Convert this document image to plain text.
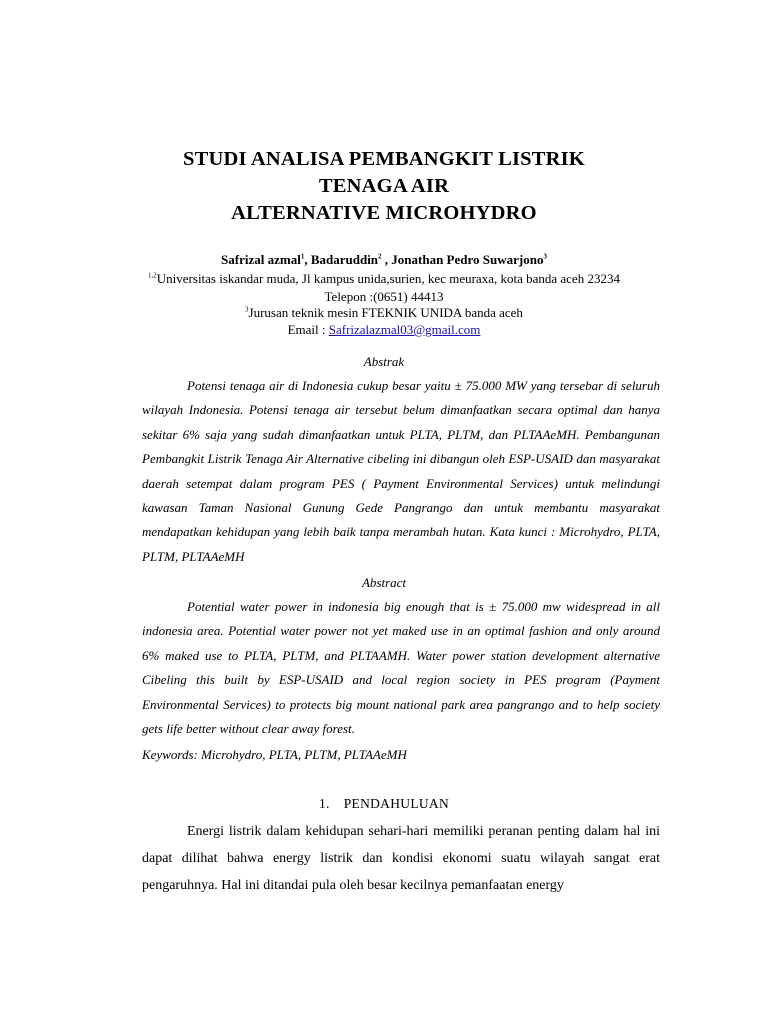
STUDI ANALISA PEMBANGKIT LISTRIK
TENAGA AIR
ALTERNATIVE MICROHYDRO
Safrizal azmal$^1$, Badaruddin$^2$ , Jonathan Pedro Suwarjono$^3$
$^{1,2}$Universitas iskandar muda, Jl kampus unida,surien, kec meuraxa, kota banda aceh 23234
Telepon :(0651) 44413
$^3$Jurusan teknik mesin FTEKNIK UNIDA banda aceh
Email : Safrizalazmal03@gmail.com
Abstrak

Potensi tenaga air di Indonesia cukup besar yaitu ± 75.000 MW yang tersebar di seluruh wilayah Indonesia. Potensi tenaga air tersebut belum dimanfaatkan secara optimal dan hanya sekitar 6% saja yang sudah dimanfaatkan untuk PLTA, PLTM, dan PLTAAeMH. Pembangunan Pembangkit Listrik Tenaga Air Alternative cibeling ini dibangun oleh ESP-USAID dan masyarakat daerah setempat dalam program PES ( Payment Environmental Services) untuk melindungi kawasan Taman Nasional Gunung Gede Pangrango dan untuk membantu masyarakat mendapatkan kehidupan yang lebih baik tanpa merambah hutan. Kata kunci : Microhydro, PLTA, PLTM, PLTAAeMH

Abstract

Potential water power in indonesia big enough that is ± 75.000 mw widespread in all indonesia area. Potential water power not yet maked use in an optimal fashion and only around 6% maked use to PLTA, PLTM, and PLTAAMH. Water power station development alternative Cibeling this built by ESP-USAID and local region society in PES program (Payment Environmental Services) to protects big mount national park area pangrango and to help society gets life better without clear away forest.

Keywords: Microhydro, PLTA, PLTM, PLTAAeMH
1. PENDAHULUAN

Energi listrik dalam kehidupan sehari-hari memiliki peranan penting dalam hal ini dapat dilihat bahwa energy listrik dan kondisi ekonomi suatu wilayah sangat erat pengaruhnya. Hal ini ditandai pula oleh besar kecilnya pemanfaatan energy
